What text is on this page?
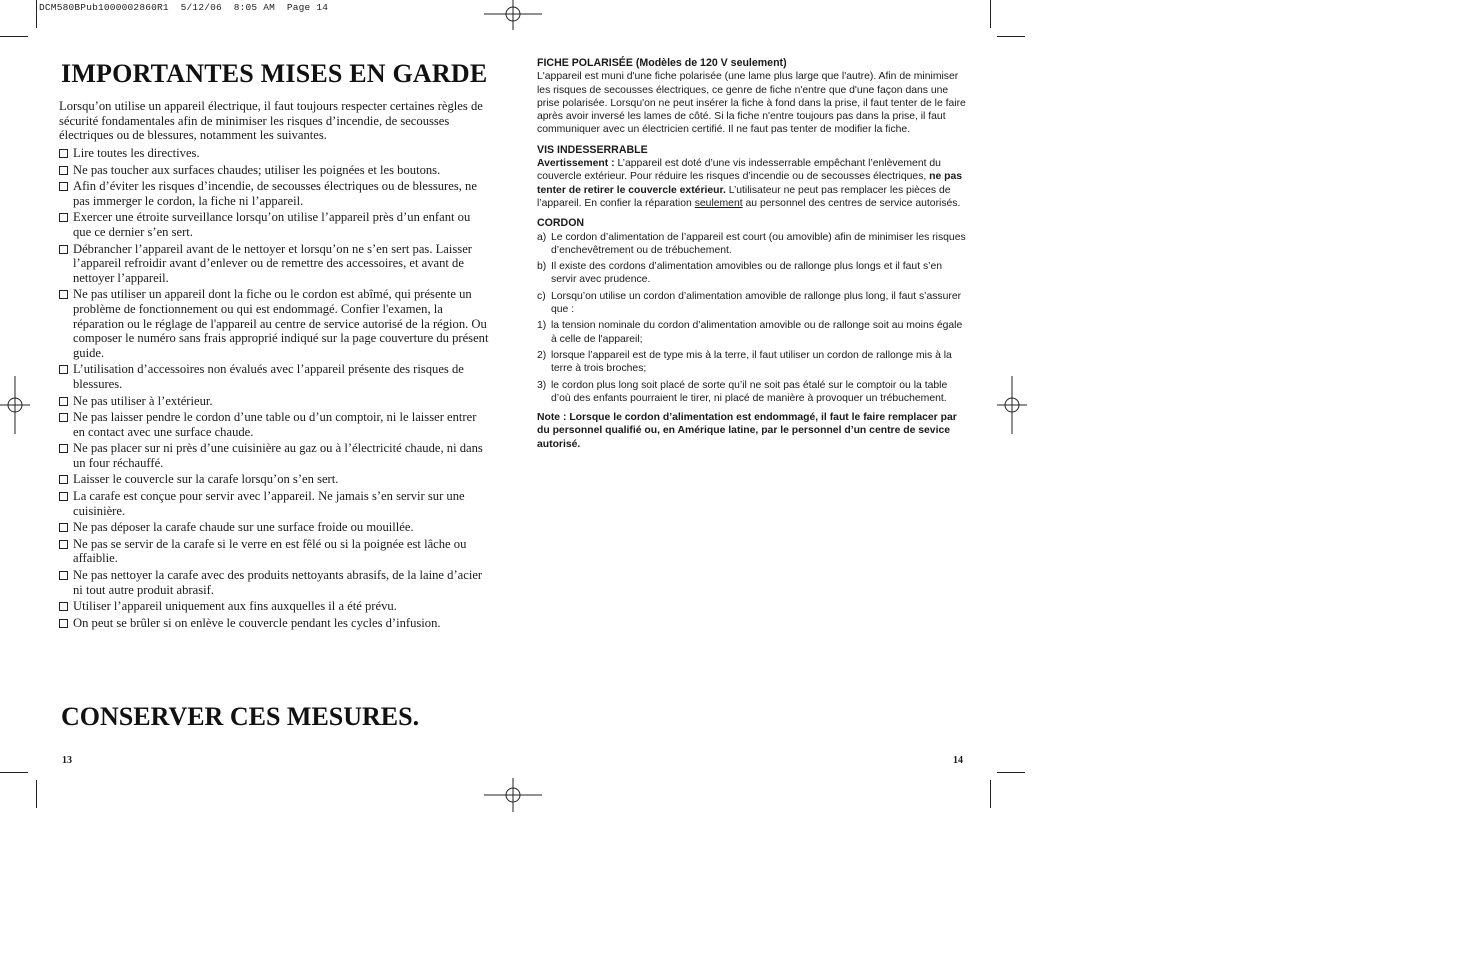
DCM580BPub1000002860R1  5/12/06  8:05 AM  Page 14
IMPORTANTES MISES EN GARDE

Lorsqu’on utilise un appareil électrique, il faut toujours respecter certaines règles de sécurité fondamentales afin de minimiser les risques d’incendie, de secousses électriques ou de blessures, notamment les suivantes.

Lire toutes les directives.
Ne pas toucher aux surfaces chaudes; utiliser les poignées et les boutons.
Afin d’éviter les risques d’incendie, de secousses électriques ou de blessures, ne pas immerger le cordon, la fiche ni l’appareil.
Exercer une étroite surveillance lorsqu’on utilise l’appareil près d’un enfant ou que ce dernier s’en sert.
Débrancher l’appareil avant de le nettoyer et lorsqu’on ne s’en sert pas. Laisser l’appareil refroidir avant d’enlever ou de remettre des accessoires, et avant de nettoyer l’appareil.
Ne pas utiliser un appareil dont la fiche ou le cordon est abîmé, qui présente un problème de fonctionnement ou qui est endommagé. Confier l'examen, la réparation ou le réglage de l'appareil au centre de service autorisé de la région. Ou composer le numéro sans frais approprié indiqué sur la page couverture du présent guide.
L’utilisation d’accessoires non évalués avec l’appareil présente des risques de blessures.
Ne pas utiliser à l’extérieur.
Ne pas laisser pendre le cordon d’une table ou d’un comptoir, ni le laisser entrer en contact avec une surface chaude.
Ne pas placer sur ni près d’une cuisinière au gaz ou à l’électricité chaude, ni dans un four réchauffé.
Laisser le couvercle sur la carafe lorsqu’on s’en sert.
La carafe est conçue pour servir avec l’appareil. Ne jamais s’en servir sur une cuisinière.
Ne pas déposer la carafe chaude sur une surface froide ou mouillée.
Ne pas se servir de la carafe si le verre en est fêlé ou si la poignée est lâche ou affaiblie.
Ne pas nettoyer la carafe avec des produits nettoyants abrasifs, de la laine d’acier ni tout autre produit abrasif.
Utiliser l’appareil uniquement aux fins auxquelles il a été prévu.
On peut se brûler si on enlève le couvercle pendant les cycles d’infusion.
CONSERVER CES MESURES.
13
FICHE POLARISÉE (Modèles de 120 V seulement)

L'appareil est muni d'une fiche polarisée (une lame plus large que l'autre). Afin de minimiser les risques de secousses électriques, ce genre de fiche n'entre que d'une façon dans une prise polarisée. Lorsqu'on ne peut insérer la fiche à fond dans la prise, il faut tenter de le faire après avoir inversé les lames de côté. Si la fiche n'entre toujours pas dans la prise, il faut communiquer avec un électricien certifié. Il ne faut pas tenter de modifier la fiche.

VIS INDESSERRABLE

Avertissement : L’appareil est doté d’une vis indesserrable empêchant l’enlèvement du couvercle extérieur. Pour réduire les risques d’incendie ou de secousses électriques, ne pas tenter de retirer le couvercle extérieur. L’utilisateur ne peut pas remplacer les pièces de l’appareil. En confier la réparation seulement au personnel des centres de service autorisés.

CORDON
a) Le cordon d’alimentation de l’appareil est court (ou amovible) afin de minimiser les risques d’enchevêtrement ou de trébuchement.
b) Il existe des cordons d’alimentation amovibles ou de rallonge plus longs et il faut s’en servir avec prudence.
c) Lorsqu’on utilise un cordon d’alimentation amovible de rallonge plus long, il faut s’assurer que :
1) la tension nominale du cordon d’alimentation amovible ou de rallonge soit au moins égale à celle de l'appareil;
2) lorsque l’appareil est de type mis à la terre, il faut utiliser un cordon de rallonge mis à la terre à trois broches;
3) le cordon plus long soit placé de sorte qu’il ne soit pas étalé sur le comptoir ou la table d’où des enfants pourraient le tirer, ni placé de manière à provoquer un trébuchement.

Note : Lorsque le cordon d’alimentation est endommagé, il faut le faire remplacer par du personnel qualifié ou, en Amérique latine, par le personnel d’un centre de sevice autorisé.

14
